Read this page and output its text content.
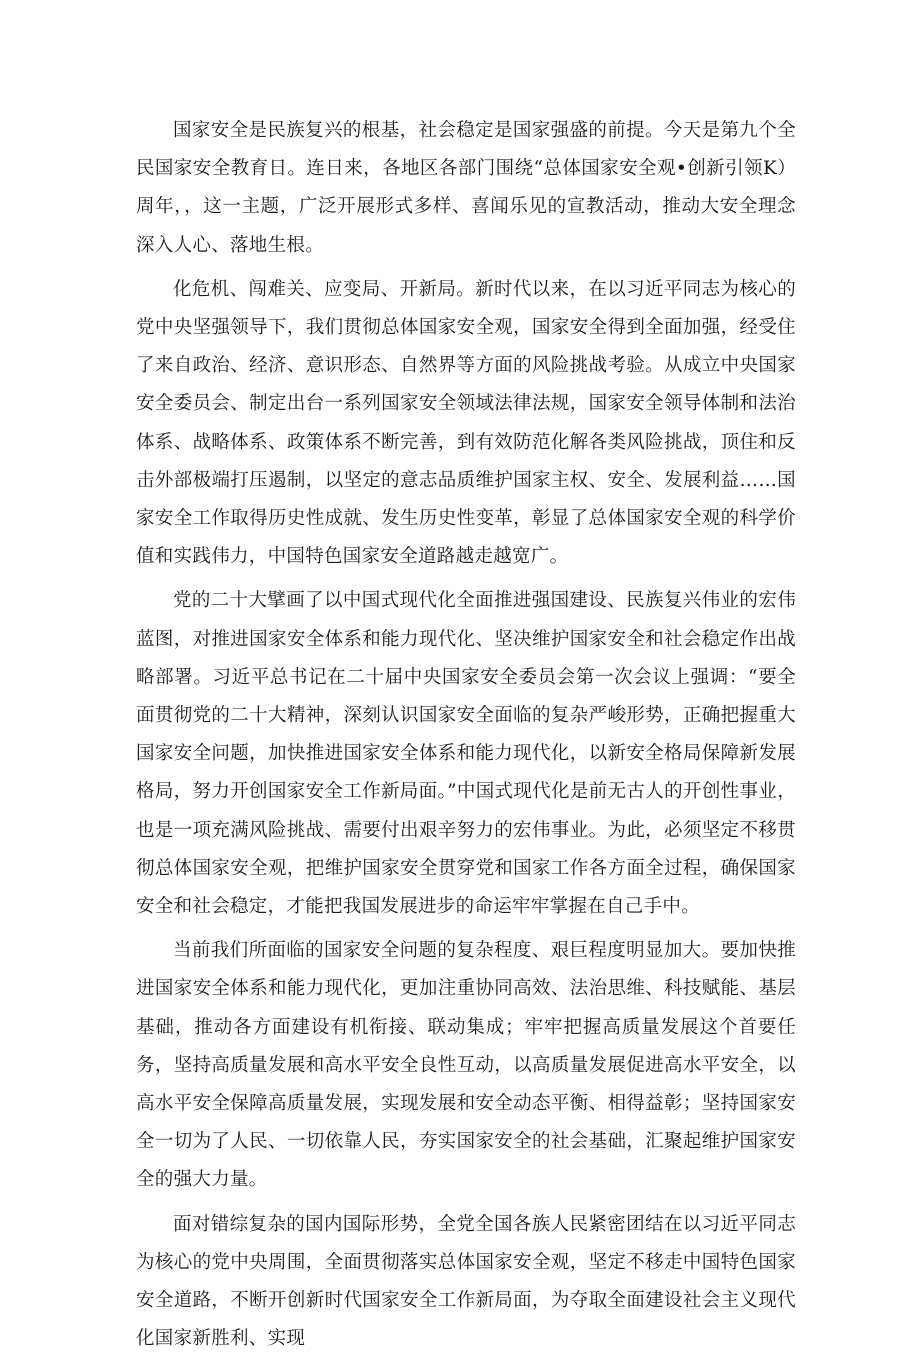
国家安全是民族复兴的根基，社会稳定是国家强盛的前提。今天是第九个全民国家安全教育日。连日来，各地区各部门围绕“总体国家安全观•创新引领K）周年，，这一主题，广泛开展形式多样、喜闻乐见的宣教活动，推动大安全理念深入人心、落地生根。

化危机、闯难关、应变局、开新局。新时代以来，在以习近平同志为核心的党中央坚强领导下，我们贯彻总体国家安全观，国家安全得到全面加强，经受住了来自政治、经济、意识形态、自然界等方面的风险挑战考验。从成立中央国家安全委员会、制定出台一系列国家安全领域法律法规，国家安全领导体制和法治体系、战略体系、政策体系不断完善，到有效防范化解各类风险挑战，顶住和反击外部极端打压遏制，以坚定的意志品质维护国家主权、安全、发展利益……国家安全工作取得历史性成就、发生历史性变革，彰显了总体国家安全观的科学价值和实践伟力，中国特色国家安全道路越走越宽广。

党的二十大擘画了以中国式现代化全面推进强国建设、民族复兴伟业的宏伟蓝图，对推进国家安全体系和能力现代化、坚决维护国家安全和社会稳定作出战略部署。习近平总书记在二十届中央国家安全委员会第一次会议上强调：“要全面贯彻党的二十大精神，深刻认识国家安全面临的复杂严峻形势，正确把握重大国家安全问题，加快推进国家安全体系和能力现代化，以新安全格局保障新发展格局，努力开创国家安全工作新局面。”中国式现代化是前无古人的开创性事业，也是一项充满风险挑战、需要付出艰辛努力的宏伟事业。为此，必须坚定不移贯彻总体国家安全观，把维护国家安全贯穿党和国家工作各方面全过程，确保国家安全和社会稳定，才能把我国发展进步的命运牢牢掌握在自己手中。

当前我们所面临的国家安全问题的复杂程度、艰巨程度明显加大。要加快推进国家安全体系和能力现代化，更加注重协同高效、法治思维、科技赋能、基层基础，推动各方面建设有机衔接、联动集成；牢牢把握高质量发展这个首要任务，坚持高质量发展和高水平安全良性互动，以高质量发展促进高水平安全，以高水平安全保障高质量发展，实现发展和安全动态平衡、相得益彰；坚持国家安全一切为了人民、一切依靠人民，夯实国家安全的社会基础，汇聚起维护国家安全的强大力量。

面对错综复杂的国内国际形势，全党全国各族人民紧密团结在以习近平同志为核心的党中央周围，全面贯彻落实总体国家安全观，坚定不移走中国特色国家安全道路，不断开创新时代国家安全工作新局面，为夺取全面建设社会主义现代化国家新胜利、实现
